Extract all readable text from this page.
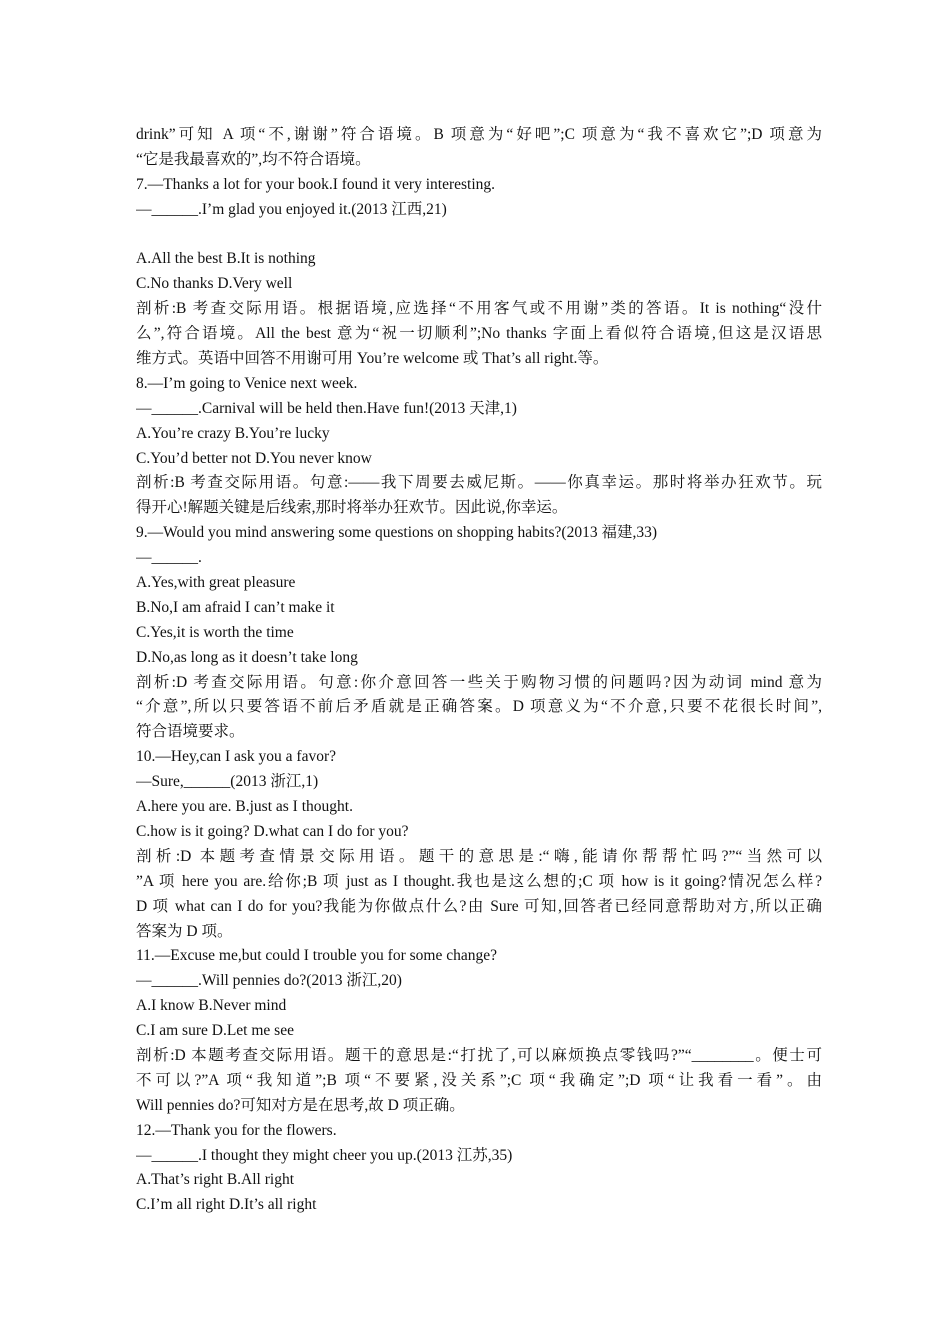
drink”可知 A 项“不,谢谢”符合语境。B 项意为“好吧”;C 项意为“我不喜欢它”;D 项意为
“它是我最喜欢的”,均不符合语境。
7.—Thanks a lot for your book.I found it very interesting.
—______.I’m glad you enjoyed it.(2013 江西,21)
A.All the best B.It is nothing
C.No thanks D.Very well
剖析:B 考查交际用语。根据语境,应选择“不用客气或不用谢”类的答语。It is nothing“没什
么”,符合语境。All the best 意为“祝一切顺利”;No thanks 字面上看似符合语境,但这是汉语思
维方式。英语中回答不用谢可用 You’re welcome 或 That’s all right.等。
8.—I’m going to Venice next week.
—______.Carnival will be held then.Have fun!(2013 天津,1)
A.You’re crazy B.You’re lucky
C.You’d better not D.You never know
剖析:B 考查交际用语。句意:——我下周要去威尼斯。——你真幸运。那时将举办狂欢节。玩
得开心!解题关键是后线索,那时将举办狂欢节。因此说,你幸运。
9.—Would you mind answering some questions on shopping habits?(2013 福建,33)
—______.
A.Yes,with great pleasure
B.No,I am afraid I can’t make it
C.Yes,it is worth the time
D.No,as long as it doesn’t take long
剖析:D 考查交际用语。句意:你介意回答一些关于购物习惯的问题吗?因为动词 mind 意为
“介意”,所以只要答语不前后矛盾就是正确答案。D 项意义为“不介意,只要不花很长时间”,
符合语境要求。
10.—Hey,can I ask you a favor?
—Sure,______(2013 浙江,1)
A.here you are. B.just as I thought.
C.how is it going? D.what can I do for you?
剖析:D 本题考查情景交际用语。题干的意思是:“嗨,能请你帮帮忙吗?”“当然可以
”A 项 here you are.给你;B 项 just as I thought.我也是这么想的;C 项 how is it going?情况怎么样?
D 项 what can I do for you?我能为你做点什么?由 Sure 可知,回答者已经同意帮助对方,所以正确
答案为 D 项。
11.—Excuse me,but could I trouble you for some change?
—______.Will pennies do?(2013 浙江,20)
A.I know B.Never mind
C.I am sure D.Let me see
剖析:D 本题考查交际用语。题干的意思是:“打扰了,可以麻烦换点零钱吗?”“________。便士可
不可以?”A 项“我知道”;B 项“不要紧,没关系”;C 项“我确定”;D 项“让我看一看”。由
Will pennies do?可知对方是在思考,故 D 项正确。
12.—Thank you for the flowers.
—______.I thought they might cheer you up.(2013 江苏,35)
A.That’s right B.All right
C.I’m all right D.It’s all right
